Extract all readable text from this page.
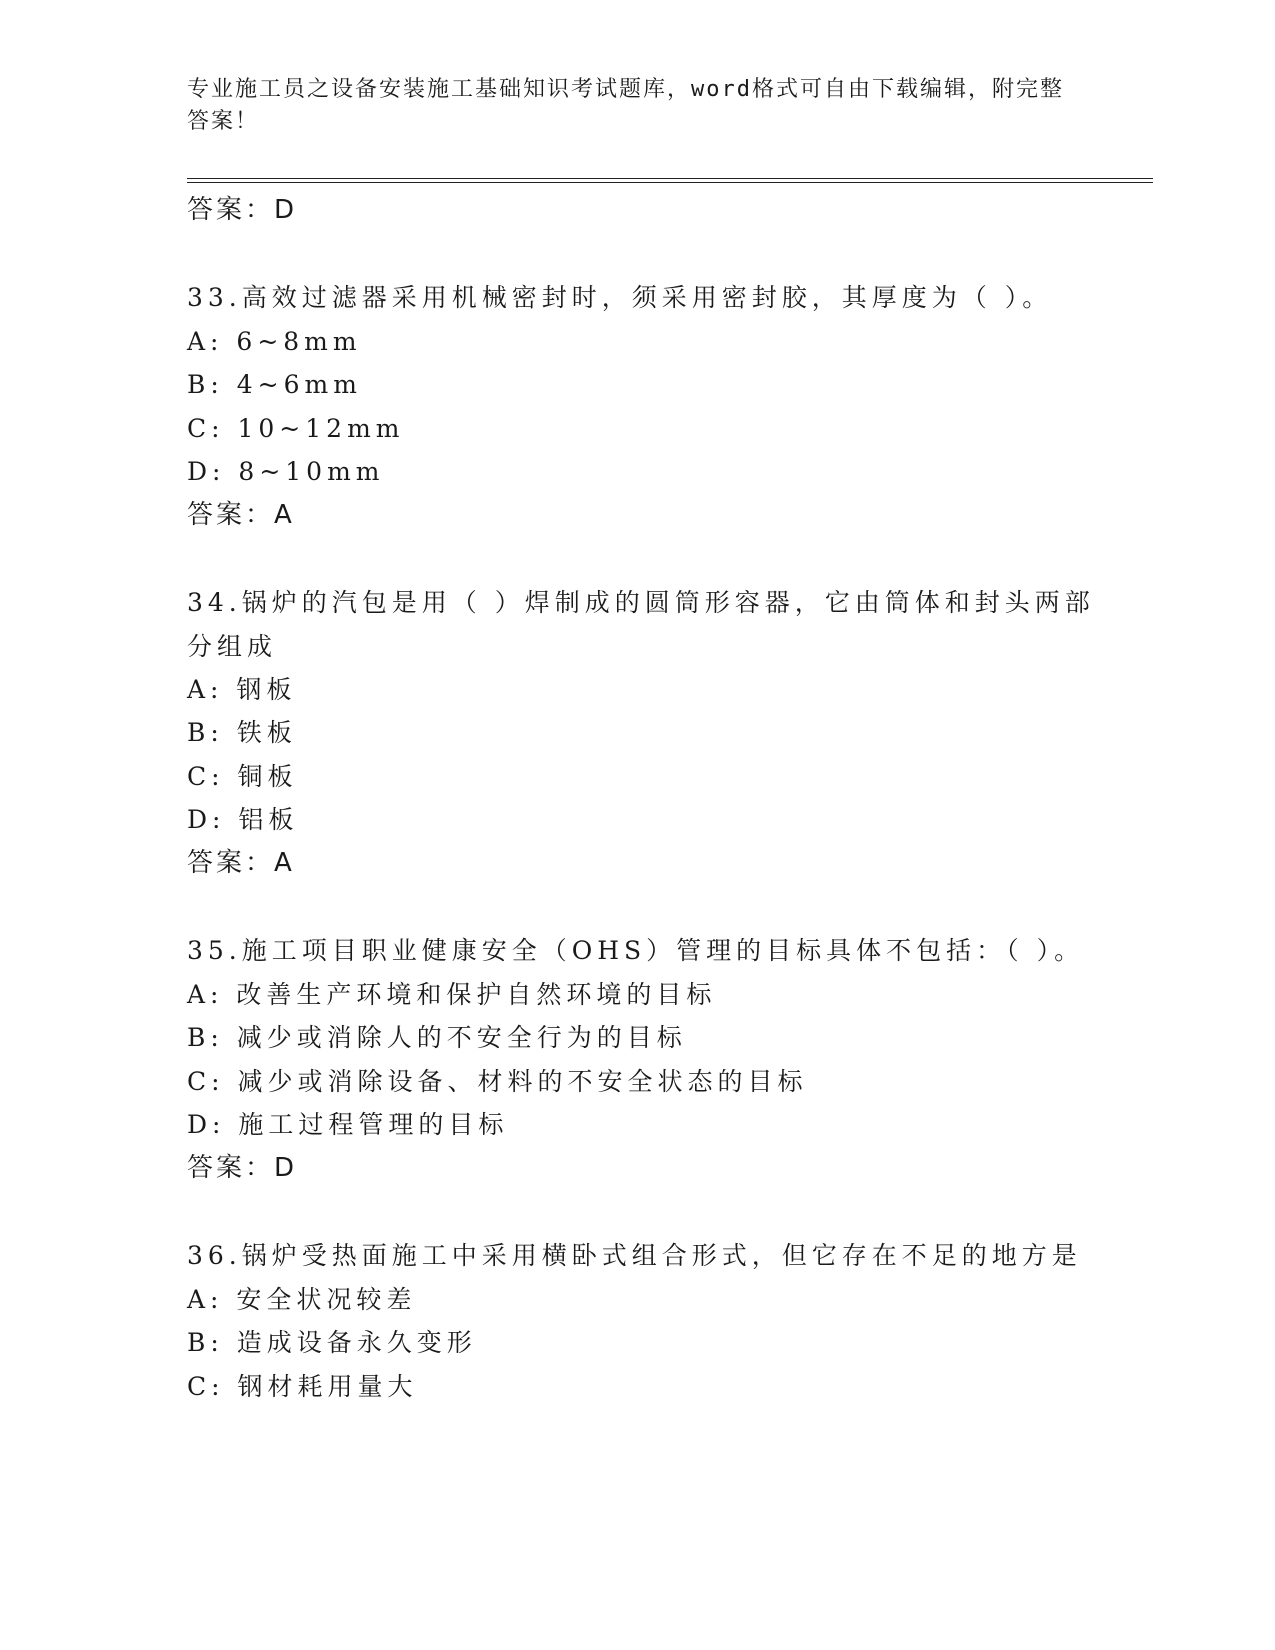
专业施工员之设备安装施工基础知识考试题库，word格式可自由下载编辑，附完整答案！
答案：D
33.高效过滤器采用机械密封时，须采用密封胶，其厚度为（ ）。
A: 6~8mm
B: 4~6mm
C: 10~12mm
D: 8~10mm
答案：A
34.锅炉的汽包是用（ ）焊制成的圆筒形容器，它由筒体和封头两部
分组成
A: 钢板
B: 铁板
C: 铜板
D: 铝板
答案：A
35.施工项目职业健康安全（OHS）管理的目标具体不包括：（ ）。
A: 改善生产环境和保护自然环境的目标
B: 减少或消除人的不安全行为的目标
C: 减少或消除设备、材料的不安全状态的目标
D: 施工过程管理的目标
答案：D
36.锅炉受热面施工中采用横卧式组合形式，但它存在不足的地方是
A: 安全状况较差
B: 造成设备永久变形
C: 钢材耗用量大
